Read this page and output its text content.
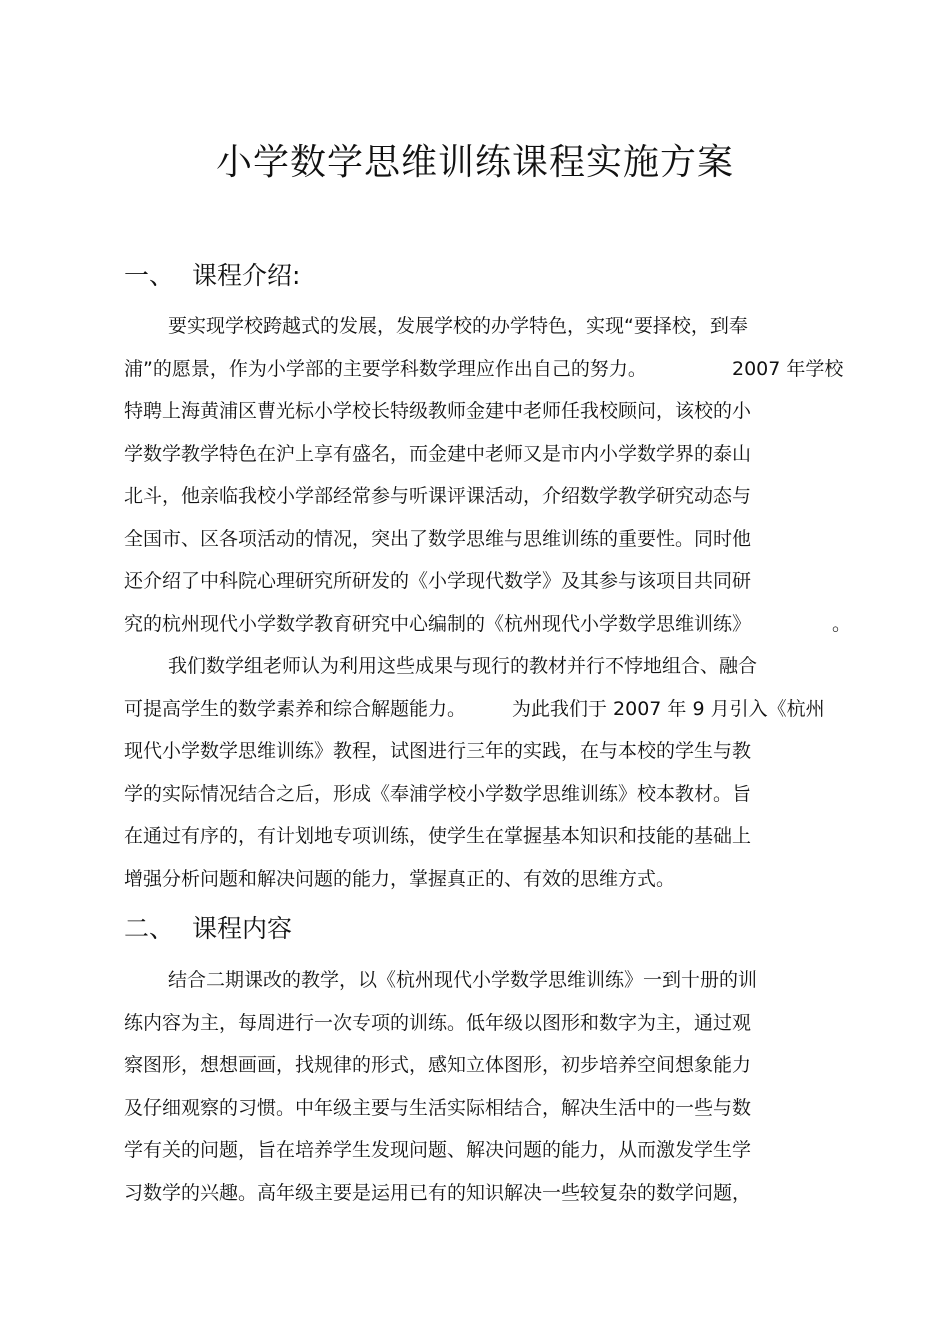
小学数学思维训练课程实施方案
一、 课程介绍:
要实现学校跨越式的发展，发展学校的办学特色，实现“要择校，到奉
浦”的愿景，作为小学部的主要学科数学理应作出自己的努力。	2007 年学校
特聘上海黄浦区曹光标小学校长特级教师金建中老师任我校顾问，该校的小
学数学教学特色在沪上享有盛名，而金建中老师又是市内小学数学界的泰山
北斗，他亲临我校小学部经常参与听课评课活动，介绍数学教学研究动态与
全国市、区各项活动的情况，突出了数学思维与思维训练的重要性。同时他
还介绍了中科院心理研究所研发的《小学现代数学》及其参与该项目共同研
究的杭州现代小学数学教育研究中心编制的《杭州现代小学数学思维训练》	。
我们数学组老师认为利用这些成果与现行的教材并行不悖地组合、融合
可提高学生的数学素养和综合解题能力。 为此我们于 2007 年 9 月引入《杭州
现代小学数学思维训练》教程，试图进行三年的实践，在与本校的学生与教
学的实际情况结合之后，形成《奉浦学校小学数学思维训练》校本教材。旨
在通过有序的，有计划地专项训练，使学生在掌握基本知识和技能的基础上
增强分析问题和解决问题的能力，掌握真正的、有效的思维方式。
二、 课程内容
结合二期课改的教学，以《杭州现代小学数学思维训练》一到十册的训
练内容为主，每周进行一次专项的训练。低年级以图形和数字为主，通过观
察图形，想想画画，找规律的形式，感知立体图形，初步培养空间想象能力
及仔细观察的习惯。中年级主要与生活实际相结合，解决生活中的一些与数
学有关的问题，旨在培养学生发现问题、解决问题的能力，从而激发学生学
习数学的兴趣。高年级主要是运用已有的知识解决一些较复杂的数学问题，
